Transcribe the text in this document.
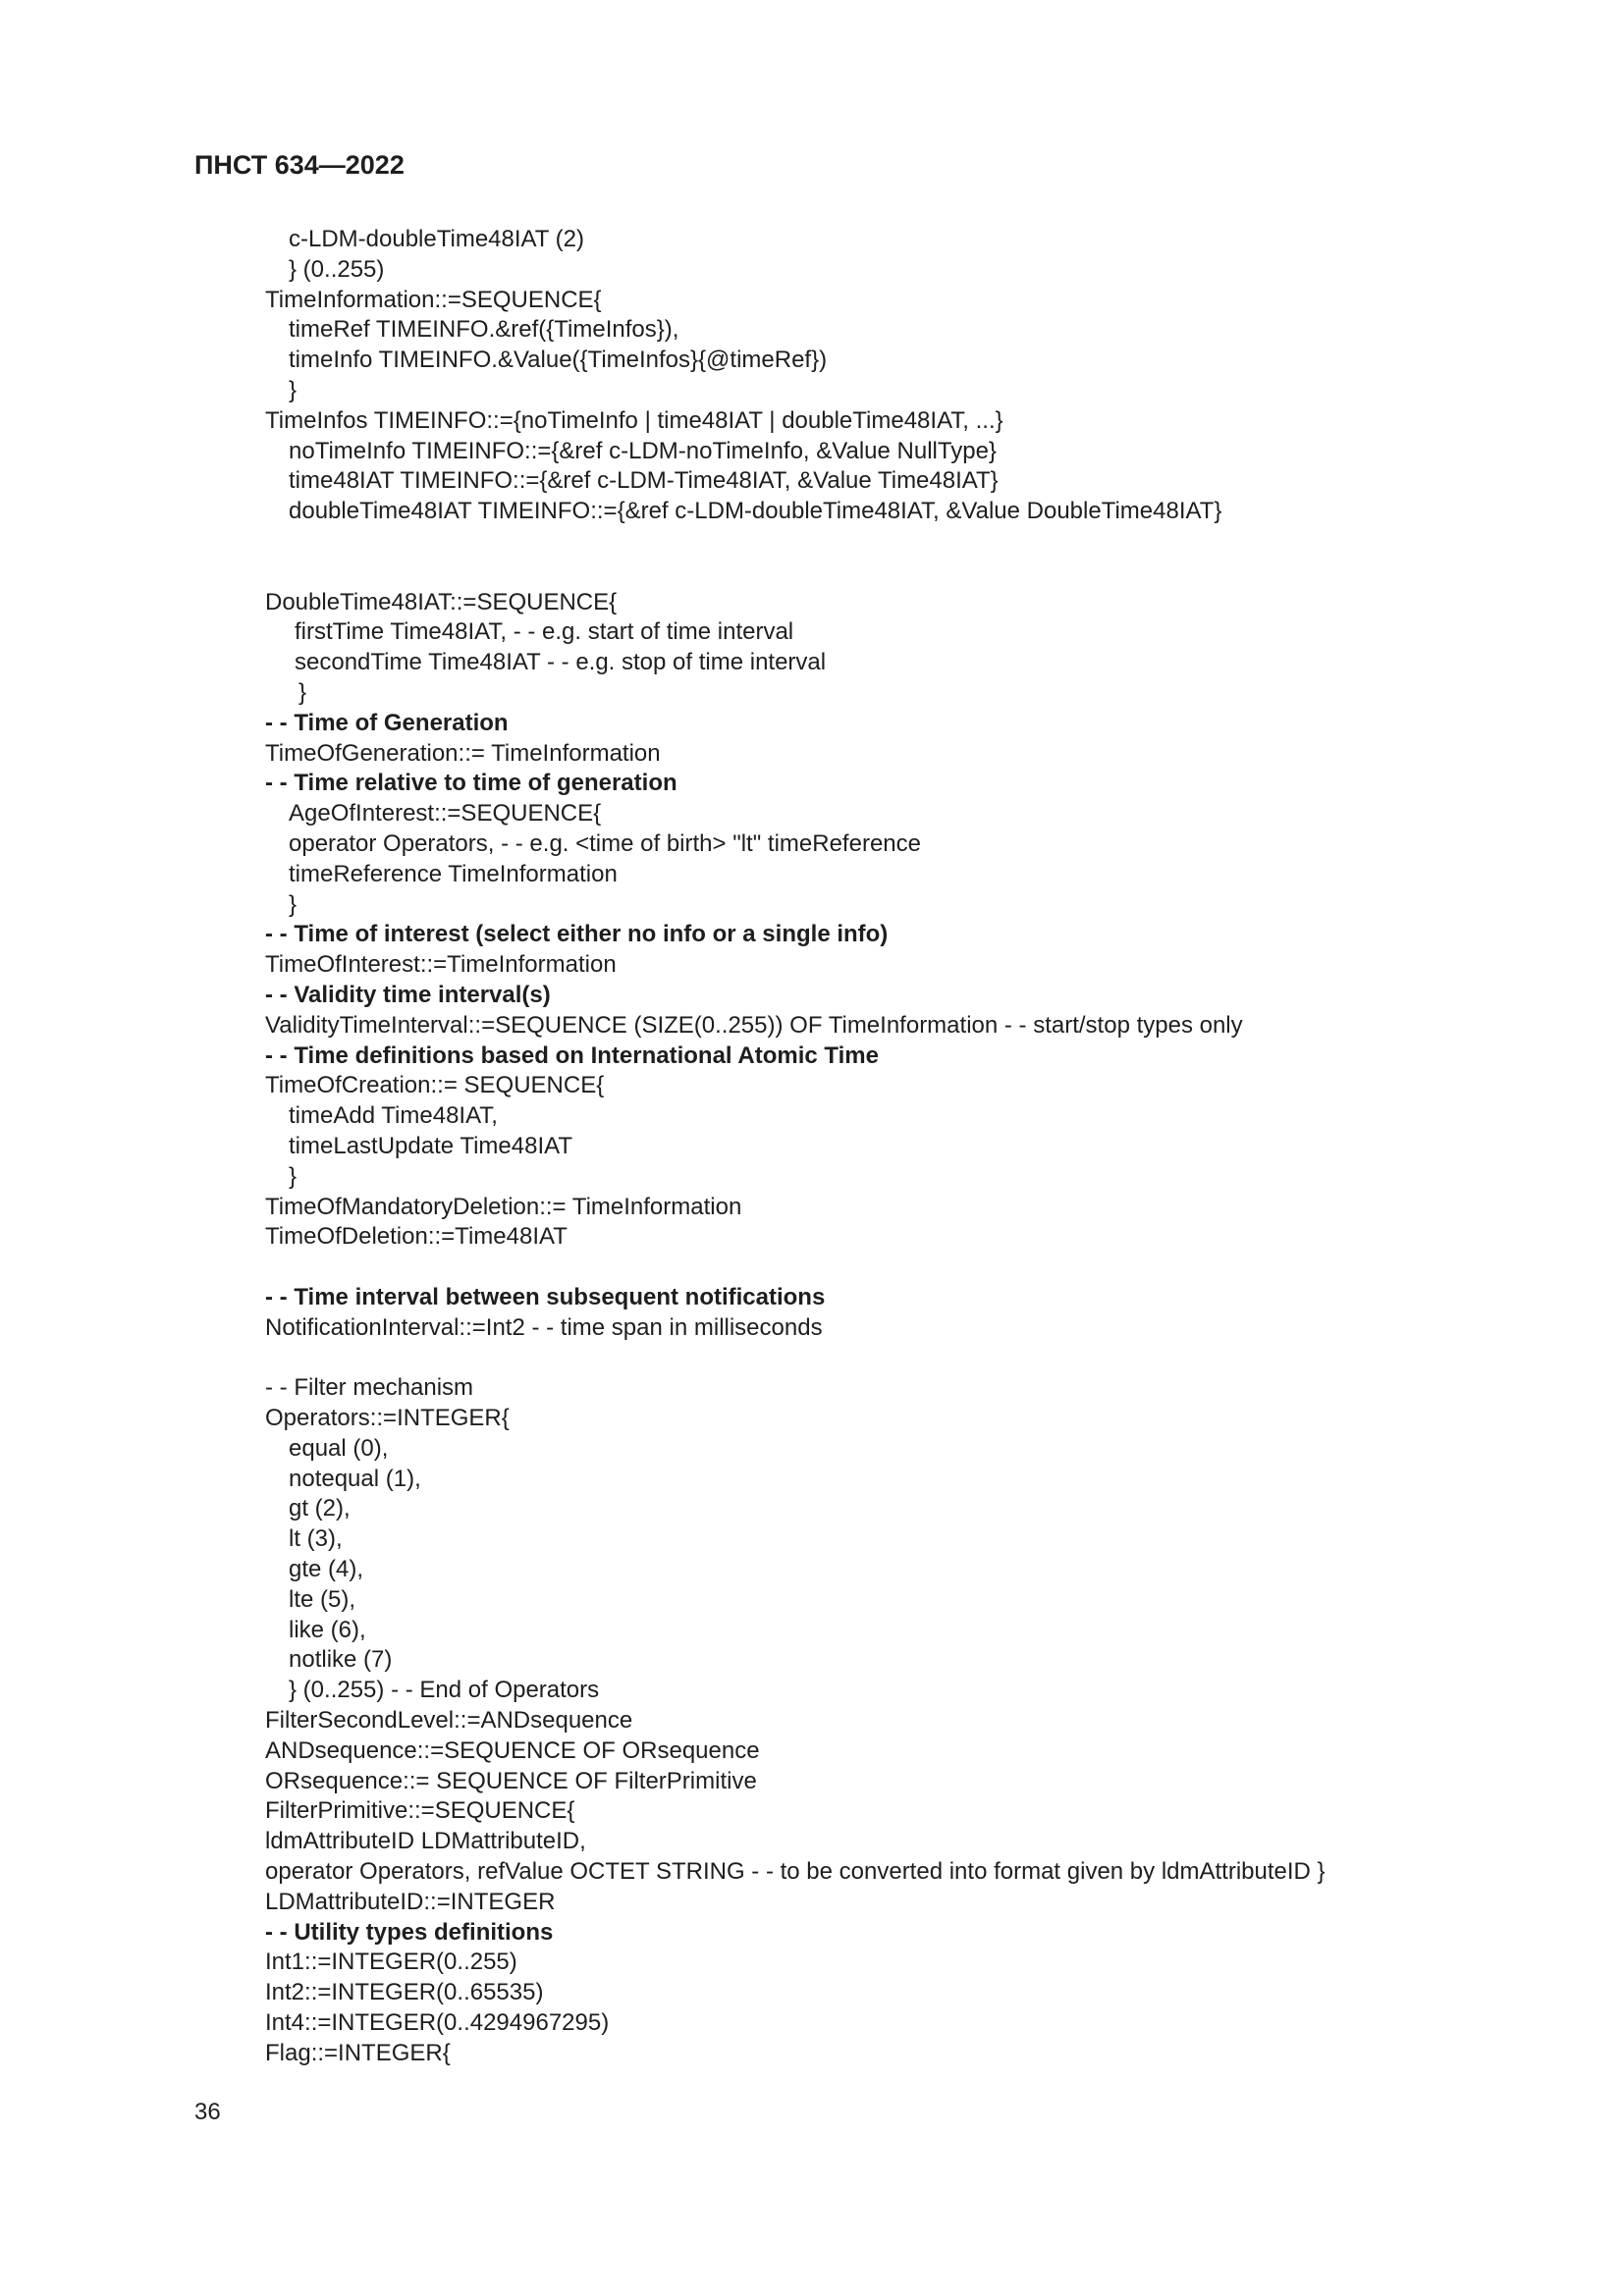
ПНСТ 634—2022
c-LDM-doubleTime48IAT (2)
} (0..255)
TimeInformation::=SEQUENCE{
timeRef TIMEINFO.&ref({TimeInfos}),
timeInfo TIMEINFO.&Value({TimeInfos}{@timeRef})
}
TimeInfos TIMEINFO::={noTimeInfo | time48IAT | doubleTime48IAT, ...}
noTimeInfo TIMEINFO::={&ref c-LDM-noTimeInfo, &Value NullType}
time48IAT TIMEINFO::={&ref c-LDM-Time48IAT, &Value Time48IAT}
doubleTime48IAT TIMEINFO::={&ref c-LDM-doubleTime48IAT, &Value DoubleTime48IAT}
DoubleTime48IAT::=SEQUENCE{
firstTime Time48IAT, - - e.g. start of time interval
secondTime Time48IAT - - e.g. stop of time interval
}
- - Time of Generation
TimeOfGeneration::= TimeInformation
- - Time relative to time of generation
AgeOfInterest::=SEQUENCE{
operator Operators, - - e.g. <time of birth> "lt" timeReference
timeReference TimeInformation
}
- - Time of interest (select either no info or a single info)
TimeOfInterest::=TimeInformation
- - Validity time interval(s)
ValidityTimeInterval::=SEQUENCE (SIZE(0..255)) OF TimeInformation - - start/stop types only
- - Time definitions based on International Atomic Time
TimeOfCreation::= SEQUENCE{
timeAdd Time48IAT,
timeLastUpdate Time48IAT
}
TimeOfMandatoryDeletion::= TimeInformation
TimeOfDeletion::=Time48IAT
- - Time interval between subsequent notifications
NotificationInterval::=Int2 - - time span in milliseconds
- - Filter mechanism
Operators::=INTEGER{
equal (0),
notequal (1),
gt (2),
lt (3),
gte (4),
lte (5),
like (6),
notlike (7)
} (0..255) - - End of Operators
FilterSecondLevel::=ANDsequence
ANDsequence::=SEQUENCE OF ORsequence
ORsequence::= SEQUENCE OF FilterPrimitive
FilterPrimitive::=SEQUENCE{
ldmAttributeID LDMattributeID,
operator Operators, refValue OCTET STRING - - to be converted into format given by ldmAttributeID }
LDMattributeID::=INTEGER
- - Utility types definitions
Int1::=INTEGER(0..255)
Int2::=INTEGER(0..65535)
Int4::=INTEGER(0..4294967295)
Flag::=INTEGER{
36
